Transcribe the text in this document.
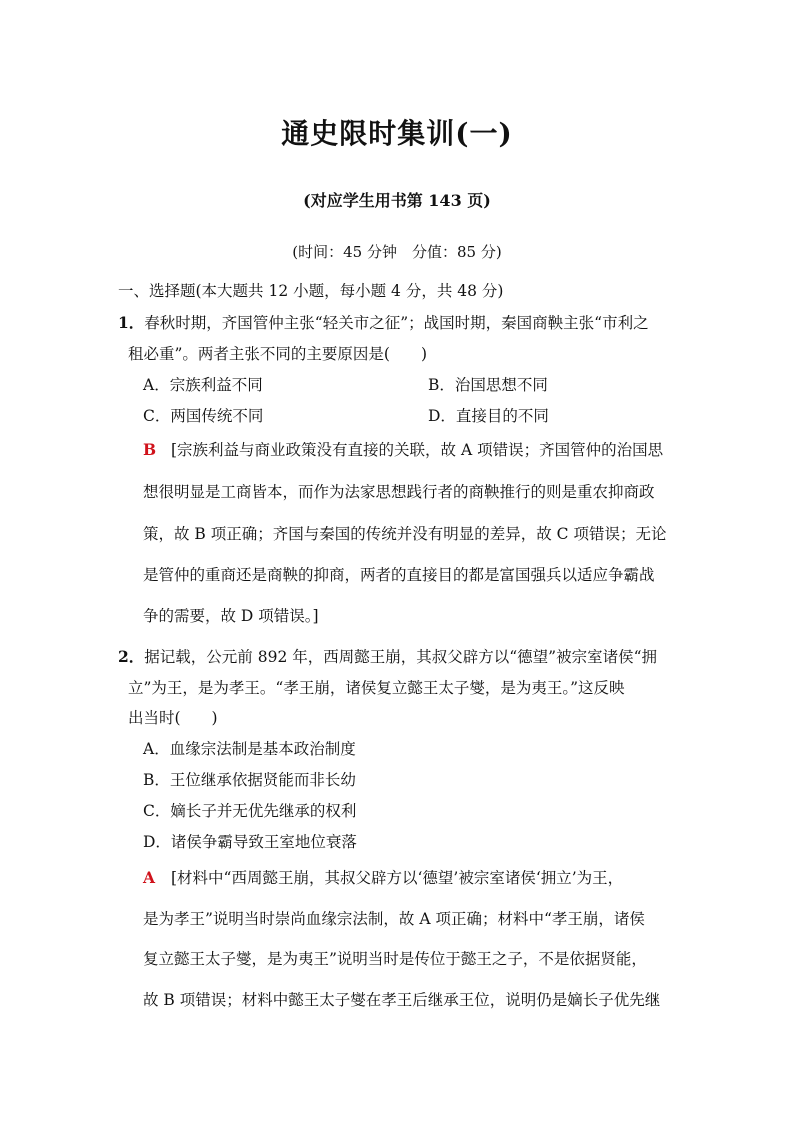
通史限时集训(一)
(对应学生用书第 143 页)
(时间：45 分钟　分值：85 分)
一、选择题(本大题共 12 小题，每小题 4 分，共 48 分)
1．春秋时期，齐国管仲主张“轻关市之征”；战国时期，秦国商鞅主张“市利之
租必重”。两者主张不同的主要原因是(　　)
A．宗族利益不同	B．治国思想不同
C．两国传统不同	D．直接目的不同
B [宗族利益与商业政策没有直接的关联，故 A 项错误；齐国管仲的治国思
想很明显是工商皆本，而作为法家思想践行者的商鞅推行的则是重农抑商政
策，故 B 项正确；齐国与秦国的传统并没有明显的差异，故 C 项错误；无论
是管仲的重商还是商鞅的抑商，两者的直接目的都是富国强兵以适应争霸战
争的需要，故 D 项错误。]
2．据记载，公元前 892 年，西周懿王崩，其叔父辟方以“德望”被宗室诸侯“拥
立”为王，是为孝王。“孝王崩，诸侯复立懿王太子燮，是为夷王。”这反映
出当时(　　)
A．血缘宗法制是基本政治制度
B．王位继承依据贤能而非长幼
C．嫡长子并无优先继承的权利
D．诸侯争霸导致王室地位衰落
A [材料中“西周懿王崩，其叔父辟方以‘德望’被宗室诸侯‘拥立’为王，
是为孝王”说明当时崇尚血缘宗法制，故 A 项正确；材料中“孝王崩，诸侯
复立懿王太子燮，是为夷王”说明当时是传位于懿王之子，不是依据贤能，
故 B 项错误；材料中懿王太子燮在孝王后继承王位，说明仍是嫡长子优先继
